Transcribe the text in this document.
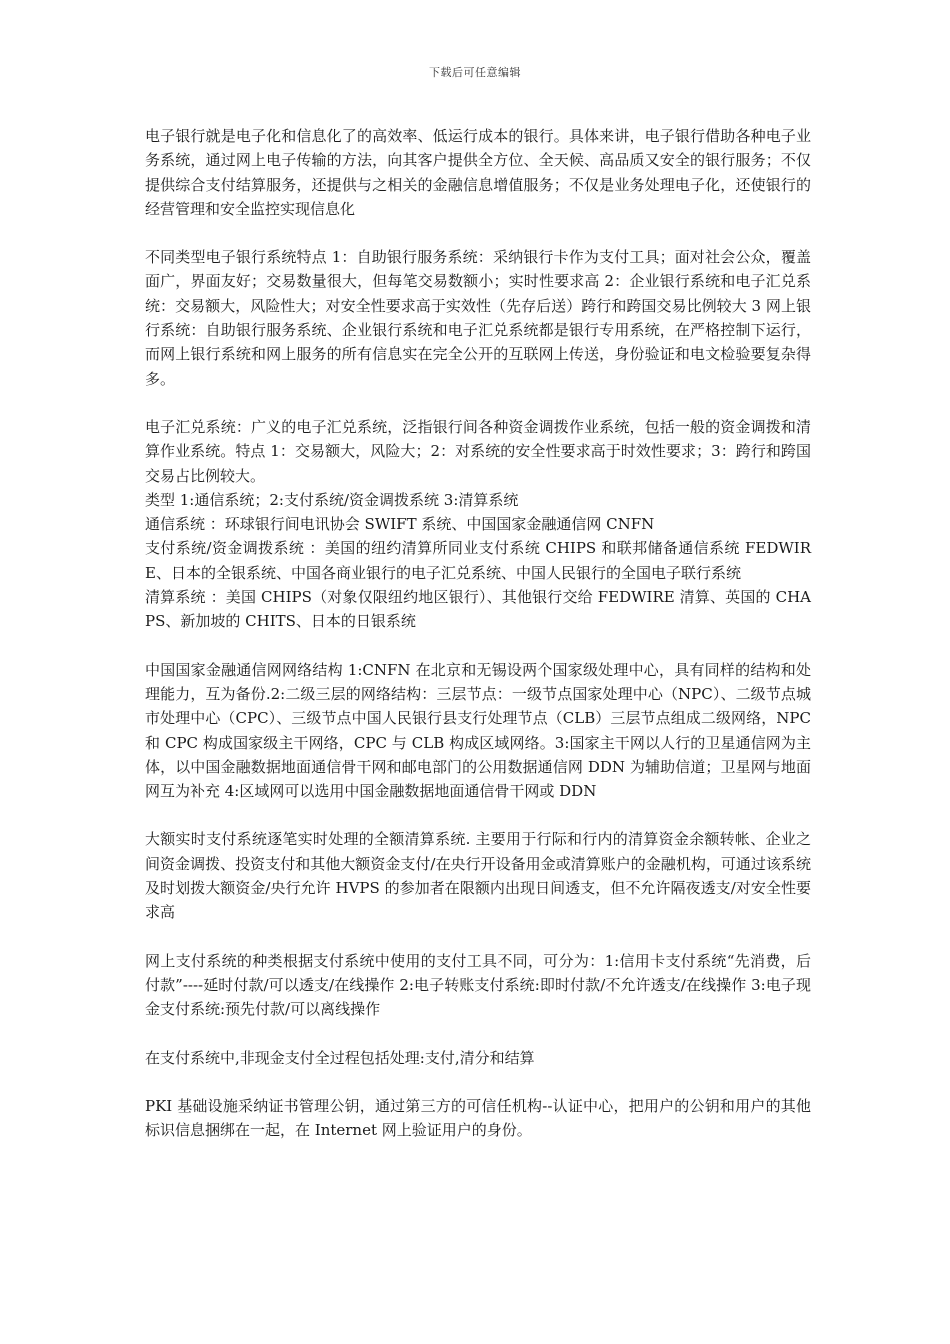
下载后可任意编辑

电子银行就是电子化和信息化了的高效率、低运行成本的银行。具体来讲，电子银行借助各种电子业务系统，通过网上电子传输的方法，向其客户提供全方位、全天候、高品质又安全的银行服务；不仅提供综合支付结算服务，还提供与之相关的金融信息增值服务；不仅是业务处理电子化，还使银行的经营管理和安全监控实现信息化

不同类型电子银行系统特点 1：自助银行服务系统：采纳银行卡作为支付工具；面对社会公众，覆盖面广，界面友好；交易数量很大，但每笔交易数额小；实时性要求高 2：企业银行系统和电子汇兑系统：交易额大，风险性大；对安全性要求高于实效性（先存后送）跨行和跨国交易比例较大 3 网上银行系统：自助银行服务系统、企业银行系统和电子汇兑系统都是银行专用系统，在严格控制下运行，而网上银行系统和网上服务的所有信息实在完全公开的互联网上传送，身份验证和电文检验要复杂得多。

电子汇兑系统：广义的电子汇兑系统，泛指银行间各种资金调拨作业系统，包括一般的资金调拨和清算作业系统。特点 1：交易额大，风险大；2：对系统的安全性要求高于时效性要求；3：跨行和跨国交易占比例较大。

类型 1:通信系统；2:支付系统/资金调拨系统 3:清算系统

通信系统 ：环球银行间电讯协会 SWIFT 系统、中国国家金融通信网 CNFN

支付系统/资金调拨系统 ：美国的纽约清算所同业支付系统 CHIPS 和联邦储备通信系统 FEDWIRE、日本的全银系统、中国各商业银行的电子汇兑系统、中国人民银行的全国电子联行系统

清算系统 ：美国 CHIPS（对象仅限纽约地区银行）、其他银行交给 FEDWIRE 清算、英国的 CHAPS、新加坡的 CHITS、日本的日银系统

中国国家金融通信网网络结构 1:CNFN 在北京和无锡设两个国家级处理中心，具有同样的结构和处理能力，互为备份.2:二级三层的网络结构：三层节点：一级节点国家处理中心（NPC）、二级节点城市处理中心（CPC）、三级节点中国人民银行县支行处理节点（CLB）三层节点组成二级网络，NPC 和 CPC 构成国家级主干网络，CPC 与 CLB 构成区域网络。3:国家主干网以人行的卫星通信网为主体，以中国金融数据地面通信骨干网和邮电部门的公用数据通信网 DDN 为辅助信道；卫星网与地面网互为补充 4:区域网可以选用中国金融数据地面通信骨干网或 DDN

大额实时支付系统逐笔实时处理的全额清算系统. 主要用于行际和行内的清算资金余额转帐、企业之间资金调拨、投资支付和其他大额资金支付/在央行开设备用金或清算账户的金融机构，可通过该系统及时划拨大额资金/央行允许 HVPS 的参加者在限额内出现日间透支，但不允许隔夜透支/对安全性要求高

网上支付系统的种类根据支付系统中使用的支付工具不同，可分为：1:信用卡支付系统“先消费，后付款”----延时付款/可以透支/在线操作 2:电子转账支付系统:即时付款/不允许透支/在线操作 3:电子现金支付系统:预先付款/可以离线操作

在支付系统中,非现金支付全过程包括处理:支付,清分和结算

PKI 基础设施采纳证书管理公钥，通过第三方的可信任机构--认证中心，把用户的公钥和用户的其他 标识信息捆绑在一起，在 Internet 网上验证用户的身份。
